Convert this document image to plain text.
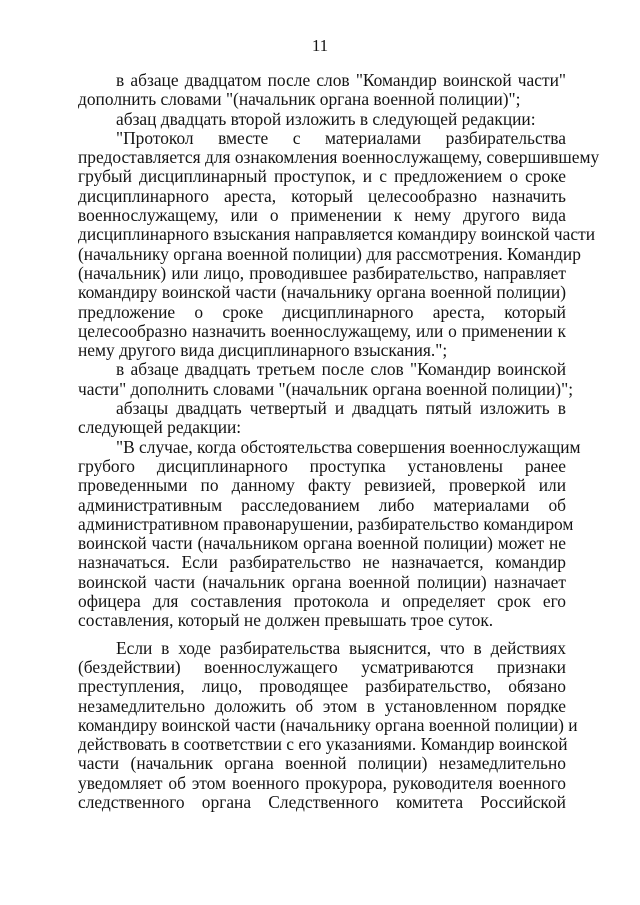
11

в абзаце двадцатом после слов "Командир воинской части"
дополнить словами "(начальник органа военной полиции)";

абзац двадцать второй изложить в следующей редакции:

"Протокол вместе с материалами разбирательства
предоставляется для ознакомления военнослужащему, совершившему
грубый дисциплинарный проступок, и с предложением о сроке
дисциплинарного ареста, который целесообразно назначить
военнослужащему, или о применении к нему другого вида
дисциплинарного взыскания направляется командиру воинской части
(начальнику органа военной полиции) для рассмотрения. Командир
(начальник) или лицо, проводившее разбирательство, направляет
командиру воинской части (начальнику органа военной полиции)
предложение о сроке дисциплинарного ареста, который
целесообразно назначить военнослужащему, или о применении к
нему другого вида дисциплинарного взыскания.";

в абзаце двадцать третьем после слов "Командир воинской
части" дополнить словами "(начальник органа военной полиции)";

абзацы двадцать четвертый и двадцать пятый изложить в
следующей редакции:

"В случае, когда обстоятельства совершения военнослужащим
грубого дисциплинарного проступка установлены ранее
проведенными по данному факту ревизией, проверкой или
административным расследованием либо материалами об
административном правонарушении, разбирательство командиром
воинской части (начальником органа военной полиции) может не
назначаться. Если разбирательство не назначается, командир
воинской части (начальник органа военной полиции) назначает
офицера для составления протокола и определяет срок его
составления, который не должен превышать трое суток.

Если в ходе разбирательства выяснится, что в действиях
(бездействии) военнослужащего усматриваются признаки
преступления, лицо, проводящее разбирательство, обязано
незамедлительно доложить об этом в установленном порядке
командиру воинской части (начальнику органа военной полиции) и
действовать в соответствии с его указаниями. Командир воинской
части (начальник органа военной полиции) незамедлительно
уведомляет об этом военного прокурора, руководителя военного
следственного органа Следственного комитета Российской
